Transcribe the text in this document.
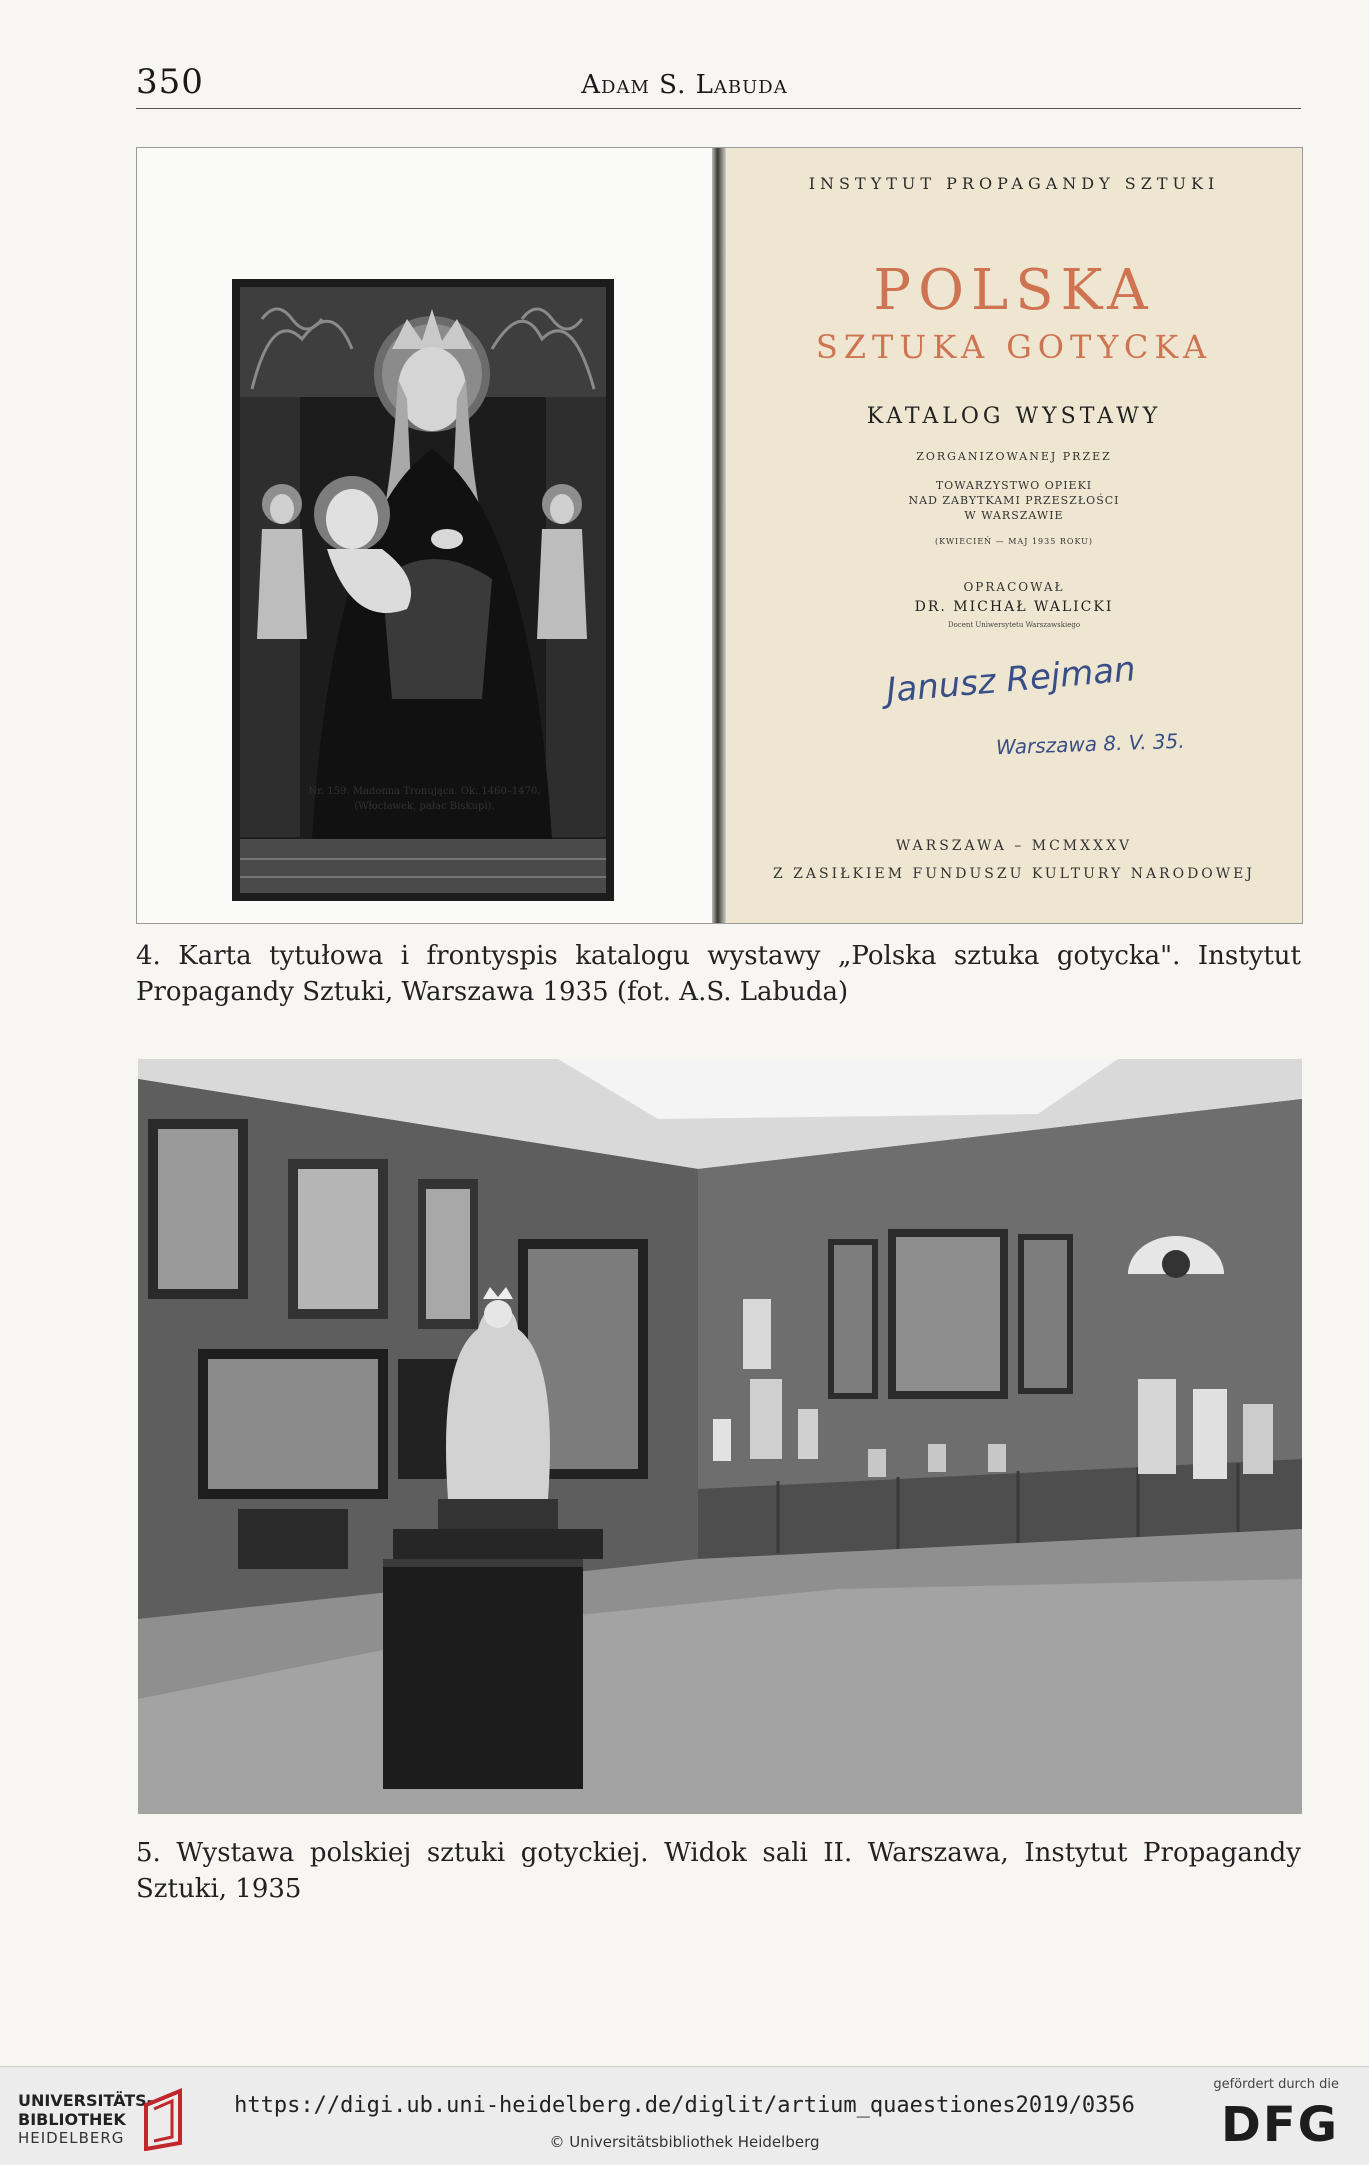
350	Adam S. Labuda
Nr. 159. Madonna Tronująca. Ok. 1460–1470.
(Włocławek, pałac Biskupi).
INSTYTUT PROPAGANDY SZTUKI
POLSKA
SZTUKA GOTYCKA
KATALOG WYSTAWY
ZORGANIZOWANEJ PRZEZ
TOWARZYSTWO OPIEKI
NAD ZABYTKAMI PRZESZŁOŚCI
W WARSZAWIE
(KWIECIEŃ — MAJ 1935 ROKU)
OPRACOWAŁ
DR. MICHAŁ WALICKI
Docent Uniwersytetu Warszawskiego
Janusz Rejman
Warszawa 8. V. 35.
WARSZAWA – MCMXXXV
Z ZASIŁKIEM FUNDUSZU KULTURY NARODOWEJ
4. Karta tytułowa i frontyspis katalogu wystawy „Polska sztuka gotycka". Instytut Propagandy Sztuki, Warszawa 1935 (fot. A.S. Labuda)
5. Wystawa polskiej sztuki gotyckiej. Widok sali II. Warszawa, Instytut Propagandy Sztuki, 1935
UNIVERSITÄTS-
BIBLIOTHEK
HEIDELBERG
https://digi.ub.uni-heidelberg.de/diglit/artium_quaestiones2019/0356
© Universitätsbibliothek Heidelberg
gefördert durch die
DFG
